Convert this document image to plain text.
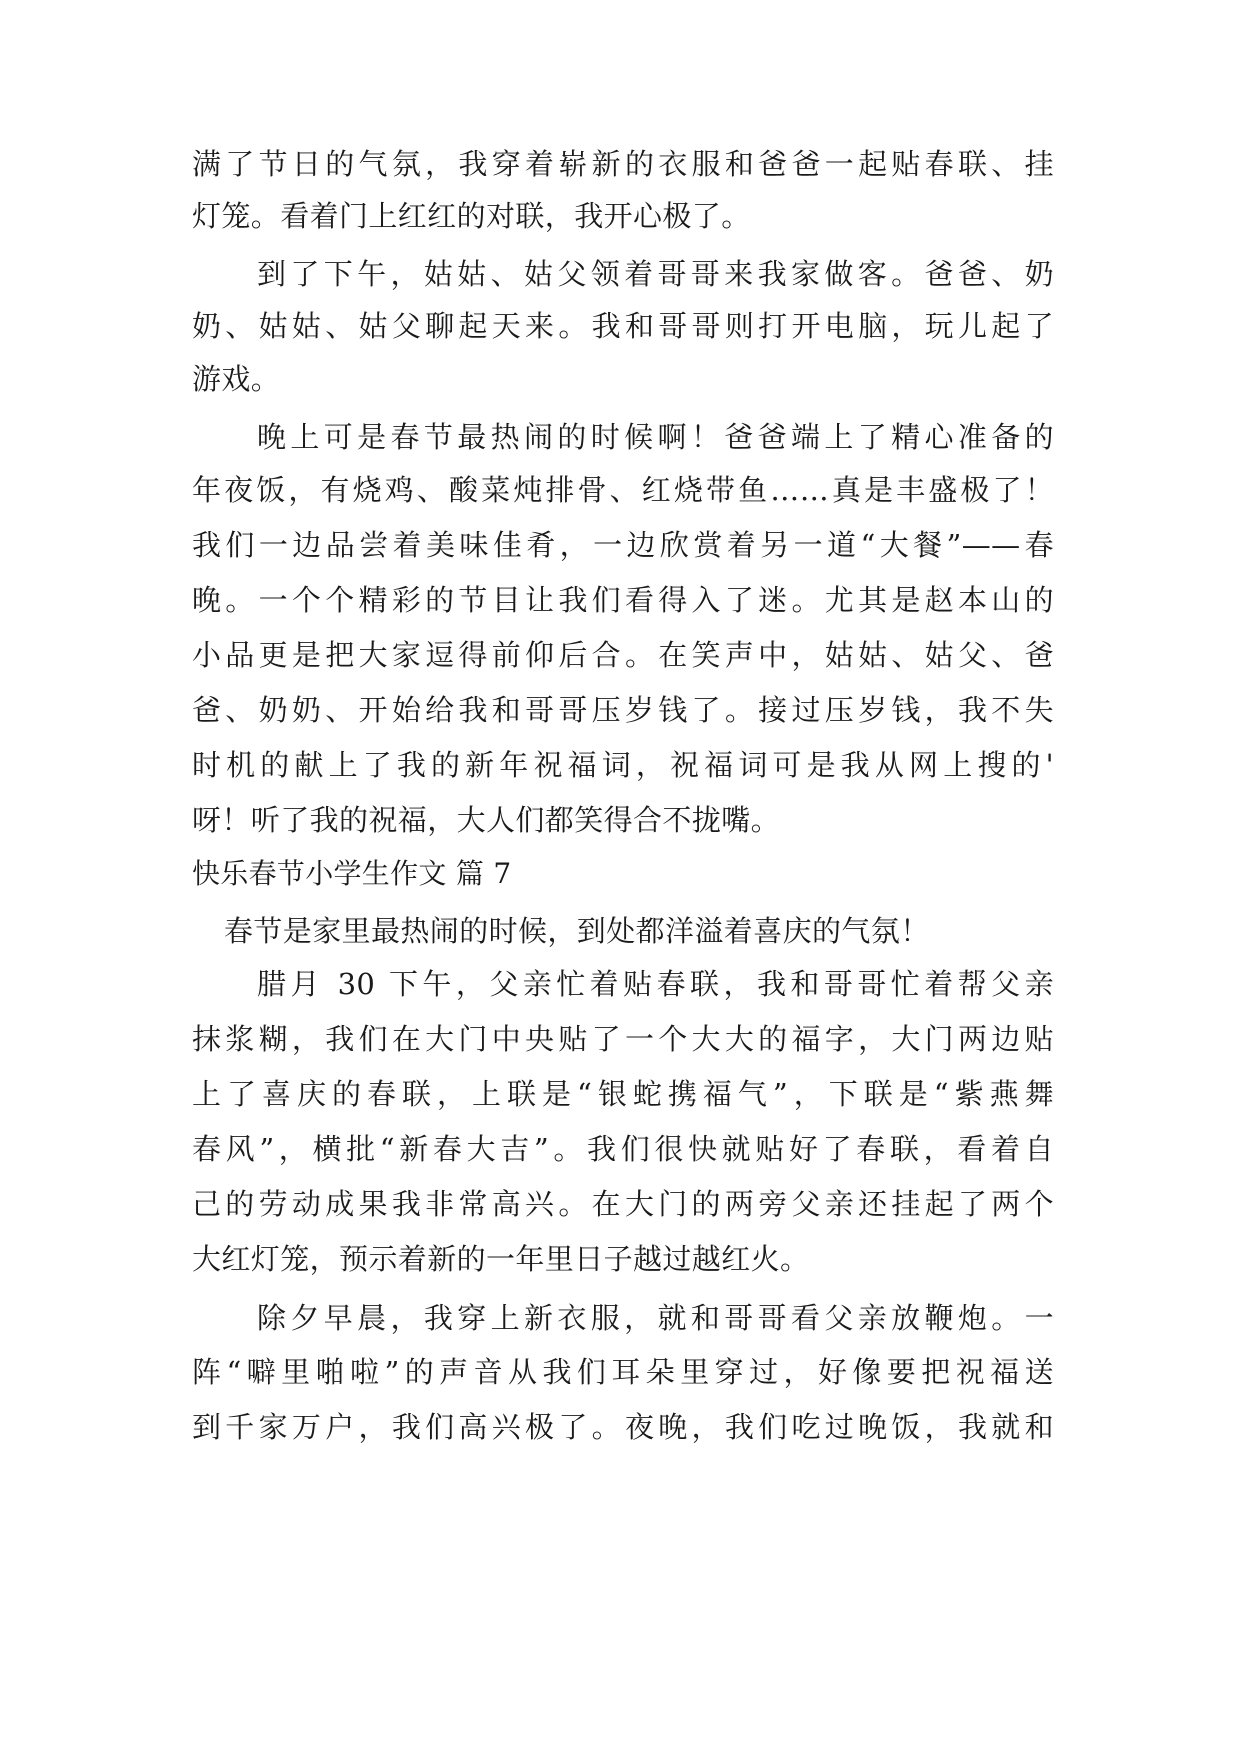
满了节日的气氛，我穿着崭新的衣服和爸爸一起贴春联、挂
灯笼。看着门上红红的对联，我开心极了。
到了下午，姑姑、姑父领着哥哥来我家做客。爸爸、奶
奶、姑姑、姑父聊起天来。我和哥哥则打开电脑，玩儿起了
游戏。
晚上可是春节最热闹的时候啊！爸爸端上了精心准备的
年夜饭，有烧鸡、酸菜炖排骨、红烧带鱼……真是丰盛极了！
我们一边品尝着美味佳肴，一边欣赏着另一道“大餐”——春
晚。一个个精彩的节目让我们看得入了迷。尤其是赵本山的
小品更是把大家逗得前仰后合。在笑声中，姑姑、姑父、爸
爸、奶奶、开始给我和哥哥压岁钱了。接过压岁钱，我不失
时机的献上了我的新年祝福词，祝福词可是我从网上搜的'
呀！听了我的祝福，大人们都笑得合不拢嘴。
快乐春节小学生作文 篇 7
春节是家里最热闹的时候，到处都洋溢着喜庆的气氛！
腊月 30 下午，父亲忙着贴春联，我和哥哥忙着帮父亲
抹浆糊，我们在大门中央贴了一个大大的福字，大门两边贴
上了喜庆的春联，上联是“银蛇携福气”，下联是“紫燕舞
春风”，横批“新春大吉”。我们很快就贴好了春联，看着自
己的劳动成果我非常高兴。在大门的两旁父亲还挂起了两个
大红灯笼，预示着新的一年里日子越过越红火。
除夕早晨，我穿上新衣服，就和哥哥看父亲放鞭炮。一
阵“噼里啪啦”的声音从我们耳朵里穿过，好像要把祝福送
到千家万户，我们高兴极了。夜晚，我们吃过晚饭，我就和
